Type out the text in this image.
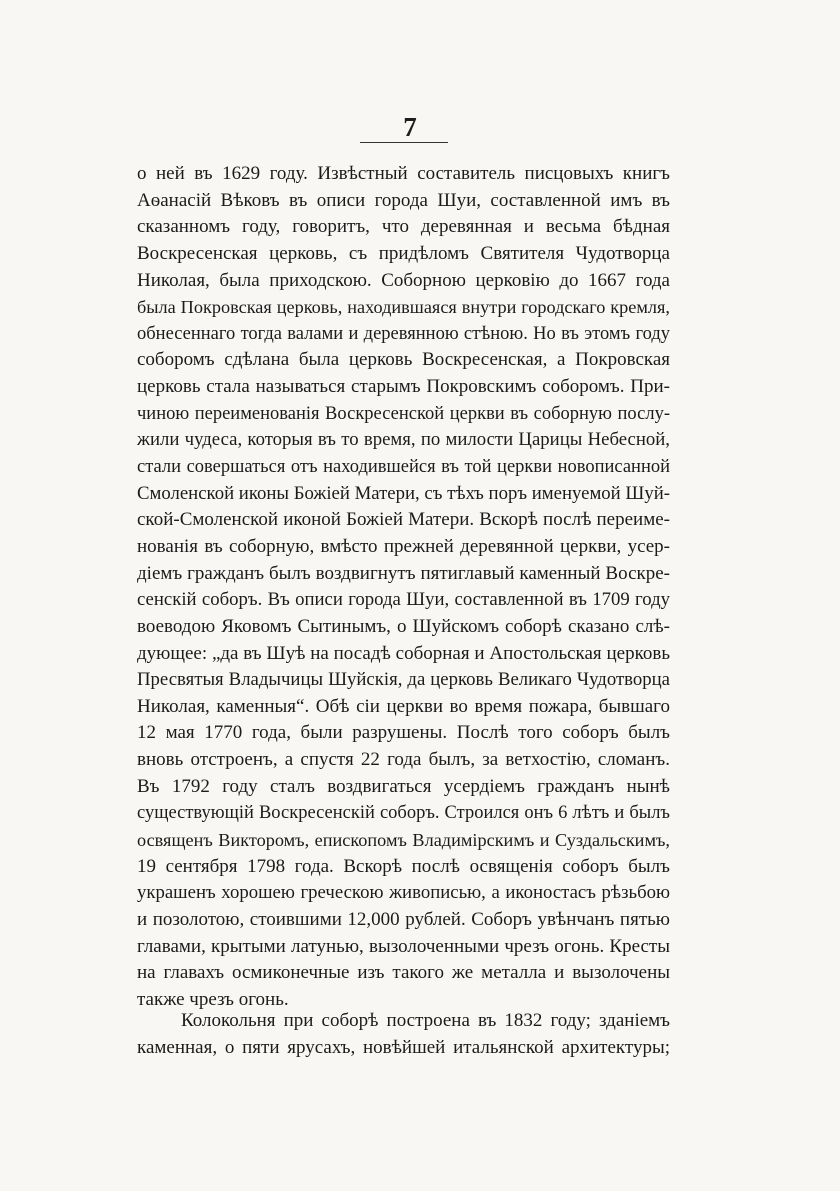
7
о ней въ 1629 году. Извѣстный составитель писцовыхъ книгъ
Аѳанасій Вѣковъ въ описи города Шуи, составленной имъ въ
сказанномъ году, говоритъ, что деревянная и весьма бѣдная
Воскресенская церковь, съ придѣломъ Святителя Чудотворца
Николая, была приходскою. Соборною церковію до 1667 года
была Покровская церковь, находившаяся внутри городскаго кремля,
обнесеннаго тогда валами и деревянною стѣною. Но въ этомъ году
соборомъ сдѣлана была церковь Воскресенская, а Покровская
церковь стала называться старымъ Покровскимъ соборомъ. При-
чиною переименованія Воскресенской церкви въ соборную послу-
жили чудеса, которыя въ то время, по милости Царицы Небесной,
стали совершаться отъ находившейся въ той церкви новописанной
Смоленской иконы Божіей Матери, съ тѣхъ поръ именуемой Шуй-
ской-Смоленской иконой Божіей Матери. Вскорѣ послѣ переиме-
нованія въ соборную, вмѣсто прежней деревянной церкви, усер-
діемъ гражданъ былъ воздвигнутъ пятиглавый каменный Воскре-
сенскій соборъ. Въ описи города Шуи, составленной въ 1709 году
воеводою Яковомъ Сытинымъ, о Шуйскомъ соборѣ сказано слѣ-
дующее: „да въ Шуѣ на посадѣ соборная и Апостольская церковь
Пресвятыя Владычицы Шуйскія, да церковь Великаго Чудотворца
Николая, каменныя“. Обѣ сіи церкви во время пожара, бывшаго
12 мая 1770 года, были разрушены. Послѣ того соборъ былъ
вновь отстроенъ, а спустя 22 года былъ, за ветхостію, сломанъ.
Въ 1792 году сталъ воздвигаться усердіемъ гражданъ нынѣ
существующій Воскресенскій соборъ. Строился онъ 6 лѣтъ и былъ
освященъ Викторомъ, епископомъ Владимірскимъ и Суздальскимъ,
19 сентября 1798 года. Вскорѣ послѣ освященія соборъ былъ
украшенъ хорошею греческою живописью, а иконостасъ рѣзьбою
и позолотою, стоившими 12,000 рублей. Соборъ увѣнчанъ пятью
главами, крытыми латунью, вызолоченными чрезъ огонь. Кресты
на главахъ осмиконечные изъ такого же металла и вызолочены
также чрезъ огонь.
Колокольня при соборѣ построена въ 1832 году; зданіемъ
каменная, о пяти ярусахъ, новѣйшей итальянской архитектуры;
